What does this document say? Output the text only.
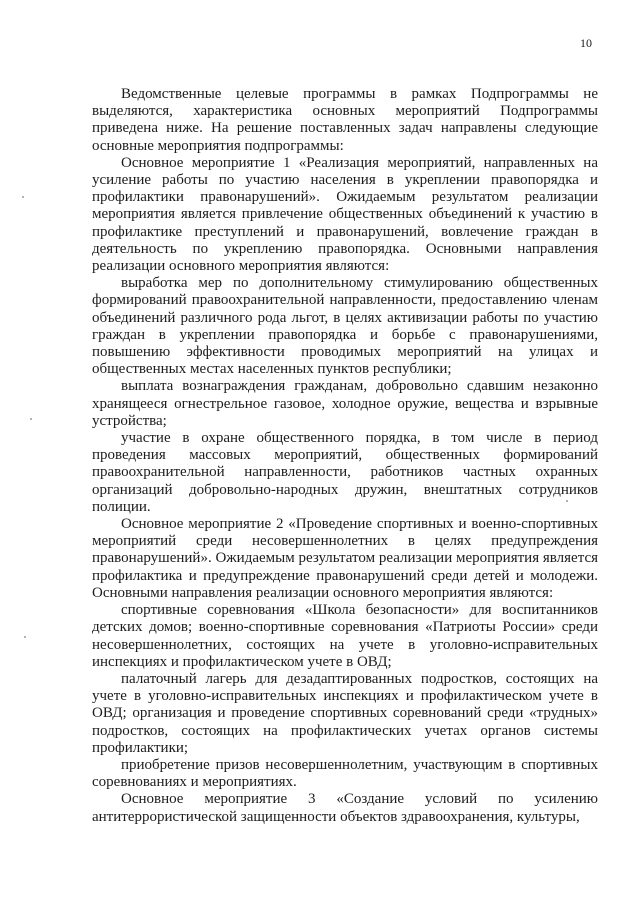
10

Ведомственные целевые программы в рамках Подпрограммы не выделяются, характеристика основных мероприятий Подпрограммы приведена ниже. На решение поставленных задач направлены следующие основные мероприятия подпрограммы:

Основное мероприятие 1 «Реализация мероприятий, направленных на усиление работы по участию населения в укреплении правопорядка и профилактики правонарушений». Ожидаемым результатом реализации мероприятия является привлечение общественных объединений к участию в профилактике преступлений и правонарушений, вовлечение граждан в деятельность по укреплению правопорядка. Основными направления реализации основного мероприятия являются:

выработка мер по дополнительному стимулированию общественных формирований правоохранительной направленности, предоставлению членам объединений различного рода льгот, в целях активизации работы по участию граждан в укреплении правопорядка и борьбе с правонарушениями, повышению эффективности проводимых мероприятий на улицах и общественных местах населенных пунктов республики;

выплата вознаграждения гражданам, добровольно сдавшим незаконно хранящееся огнестрельное газовое, холодное оружие, вещества и взрывные устройства;

участие в охране общественного порядка, в том числе в период проведения массовых мероприятий, общественных формирований правоохранительной направленности, работников частных охранных организаций добровольно-народных дружин, внештатных сотрудников полиции.

Основное мероприятие 2 «Проведение спортивных и военно-спортивных мероприятий среди несовершеннолетних в целях предупреждения правонарушений». Ожидаемым результатом реализации мероприятия является профилактика и предупреждение правонарушений среди детей и молодежи. Основными направления реализации основного мероприятия являются:

спортивные соревнования «Школа безопасности» для воспитанников детских домов; военно-спортивные соревнования «Патриоты России» среди несовершеннолетних, состоящих на учете в уголовно-исправительных инспекциях и профилактическом учете в ОВД;

палаточный лагерь для дезадаптированных подростков, состоящих на учете в уголовно-исправительных инспекциях и профилактическом учете в ОВД; организация и проведение спортивных соревнований среди «трудных» подростков, состоящих на профилактических учетах органов системы профилактики;

приобретение призов несовершеннолетним, участвующим в спортивных соревнованиях и мероприятиях.

Основное мероприятие 3 «Создание условий по усилению антитеррористической защищенности объектов здравоохранения, культуры,
